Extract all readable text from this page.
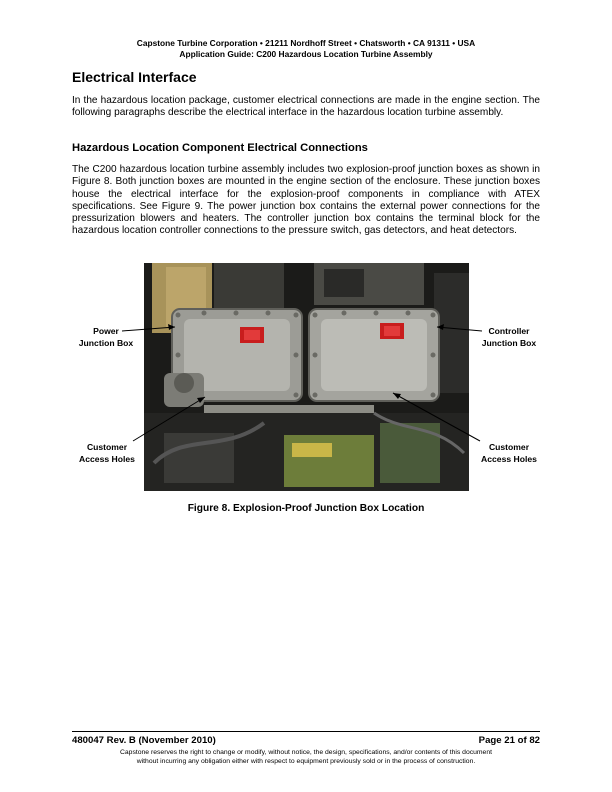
Capstone Turbine Corporation • 21211 Nordhoff Street • Chatsworth • CA 91311 • USA
Application Guide: C200 Hazardous Location Turbine Assembly
Electrical Interface

In the hazardous location package, customer electrical connections are made in the engine section. The following paragraphs describe the electrical interface in the hazardous location turbine assembly.

Hazardous Location Component Electrical Connections

The C200 hazardous location turbine assembly includes two explosion-proof junction boxes as shown in Figure 8. Both junction boxes are mounted in the engine section of the enclosure. These junction boxes house the electrical interface for the explosion-proof components in compliance with ATEX specifications. See Figure 9. The power junction box contains the external power connections for the pressurization blowers and heaters. The controller junction box contains the terminal block for the hazardous location controller connections to the pressure switch, gas detectors, and heat detectors.

Power
Junction Box
Controller
Junction Box
Customer
Access Holes
Customer
Access Holes
Figure 8. Explosion-Proof Junction Box Location
480047 Rev. B (November 2010)	Page 21 of 82
Capstone reserves the right to change or modify, without notice, the design, specifications, and/or contents of this document
without incurring any obligation either with respect to equipment previously sold or in the process of construction.
